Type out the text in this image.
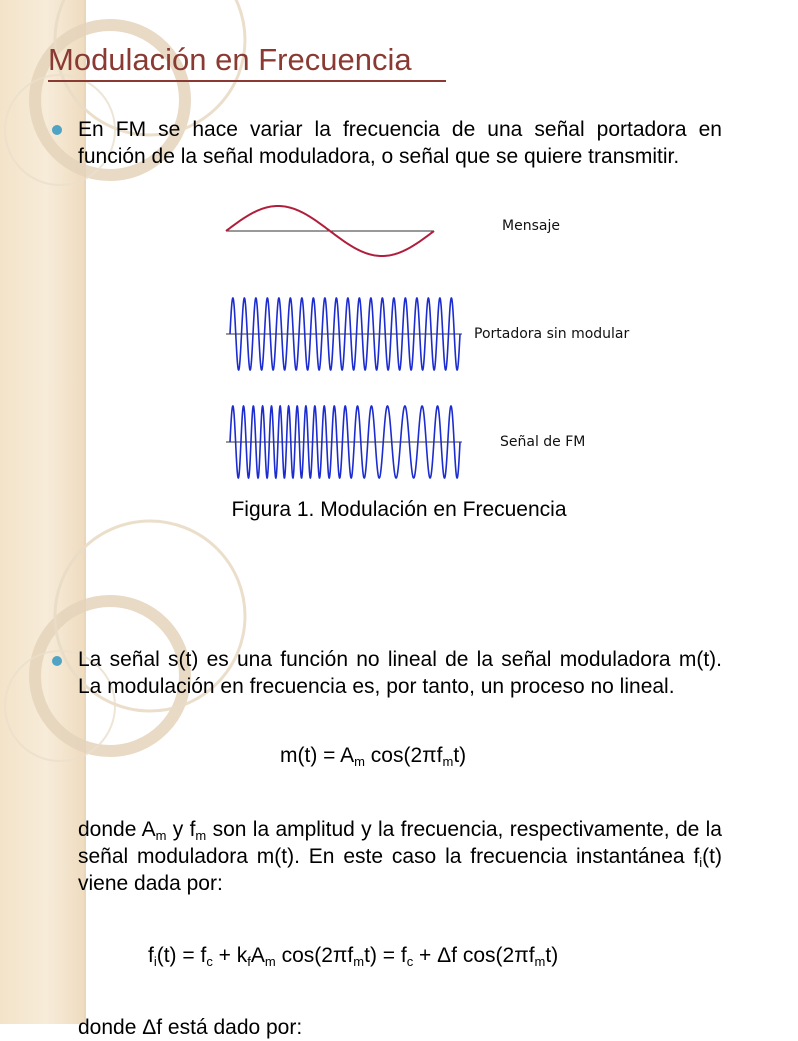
Modulación en Frecuencia

En FM se hace variar la frecuencia de una señal portadora en función de la señal moduladora, o señal que se quiere transmitir.

Mensaje
Portadora sin modular
Señal de FM
Figura 1. Modulación en Frecuencia

La señal s(t) es una función no lineal de la señal moduladora m(t). La modulación en frecuencia es, por tanto, un proceso no lineal.

$m(t) = A_m$ $\cos(2\pi f_mt)$

donde $A_m$ y $f_m$ son la amplitud y la frecuencia, respectivamente, de la señal moduladora m(t). En este caso la frecuencia instantánea $f_i(t)$ viene dada por:

$f_i(t) = f_c + k_fA_m$ $\cos(2\pi f_mt) = f_c + \Delta f$ $\cos(2\pi f_mt)$
donde Δf está dado por:
